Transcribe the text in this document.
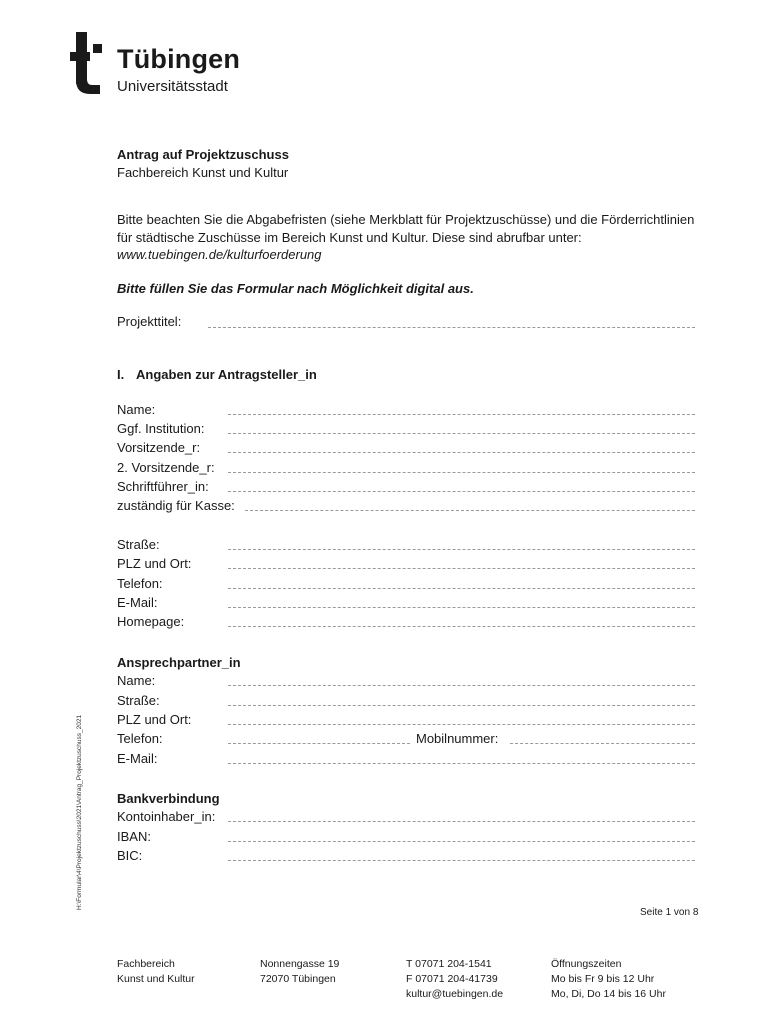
Tübingen
Universitätsstadt
Antrag auf Projektzuschuss
Fachbereich Kunst und Kultur
Bitte beachten Sie die Abgabefristen (siehe Merkblatt für Projektzuschüsse) und die Förderrichtlinien
für städtische Zuschüsse im Bereich Kunst und Kultur. Diese sind abrufbar unter:
www.tuebingen.de/kulturfoerderung
Bitte füllen Sie das Formular nach Möglichkeit digital aus.
Projekttitel:
I. Angaben zur Antragsteller_in
Name:
Ggf. Institution:
Vorsitzende_r:
2. Vorsitzende_r:
Schriftführer_in:
zuständig für Kasse:
Straße:
PLZ und Ort:
Telefon:
E-Mail:
Homepage:
Ansprechpartner_in
Name:
Straße:
PLZ und Ort:
Telefon:	Mobilnummer:
E-Mail:
Bankverbindung
Kontoinhaber_in:
IBAN:
BIC:
H:\Formular\4\Projektzuschuss\2021\Antrag_Projektzuschuss_2021
Seite 1 von 8
Fachbereich
Kunst und Kultur
Nonnengasse 19
72070 Tübingen
T 07071 204-1541
F 07071 204-41739
kultur@tuebingen.de
Öffnungszeiten
Mo bis Fr 9 bis 12 Uhr
Mo, Di, Do 14 bis 16 Uhr
